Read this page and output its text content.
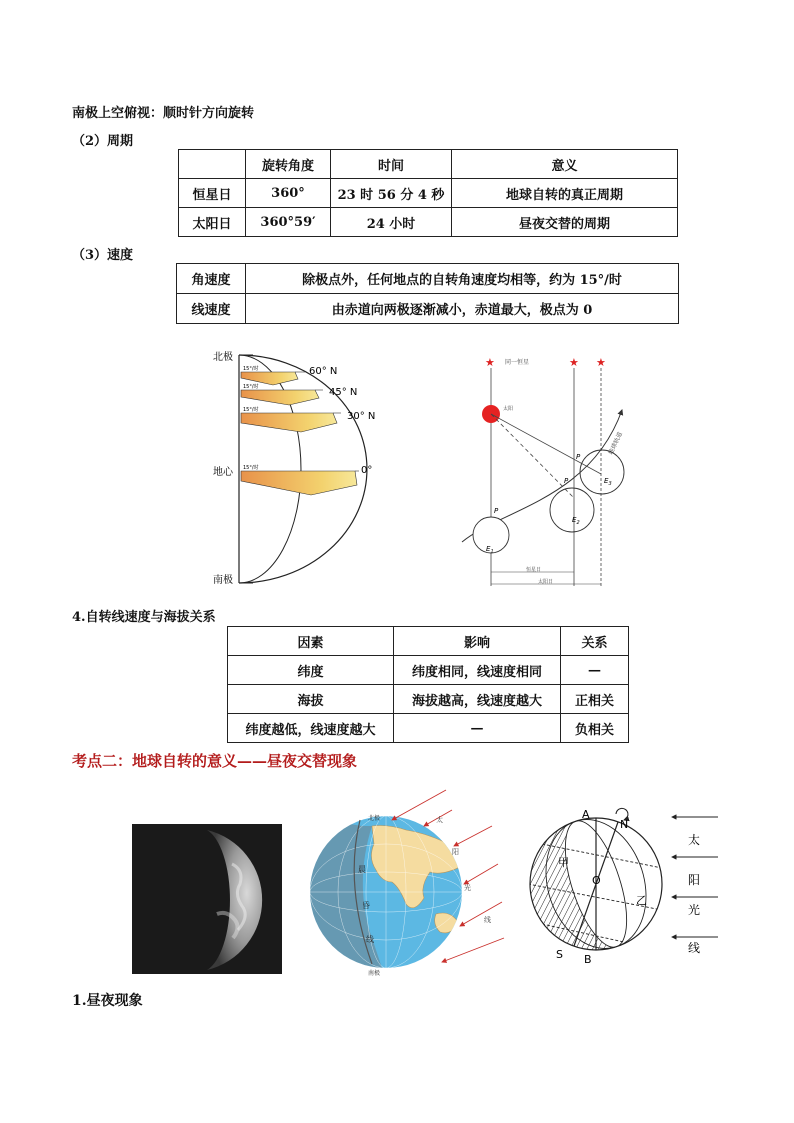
南极上空俯视：顺时针方向旋转
（2）周期
	旋转角度	时间	意义
恒星日	360°	23 时 56 分 4 秒	地球自转的真正周期
太阳日	360°59′	24 小时	昼夜交替的周期
（3）速度
角速度	除极点外，任何地点的自转角速度均相等，约为 15°/时
线速度	由赤道向两极逐渐减小，赤道最大，极点为 0
北极
地心
南极
60° N
45° N
30° N
0°
15°/时
15°/时
15°/时
15°/时
★	★ ★
同一恒星
太阳
地球轨道
P
P
P
$E_1$
$E_2$
$E_3$
恒星日
太阳日
4.自转线速度与海拔关系
因素	影响	关系
纬度	纬度相同，线速度相同	—
海拔	海拔越高，线速度越大	正相关
纬度越低，线速度越大	—	负相关
考点二：地球自转的意义——昼夜交替现象
北极
南极
晨
昏
线
太
阳
光
线
A
N
O
甲
乙
S B
太
阳
光
线
1.昼夜现象
